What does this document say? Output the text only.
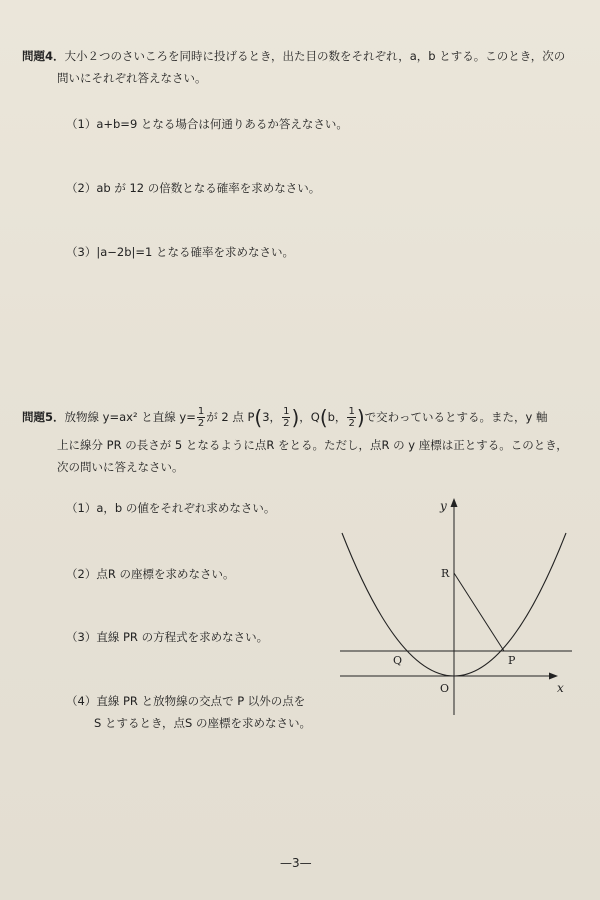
問題4．大小２つのさいころを同時に投げるとき，出た目の数をそれぞれ，a，b とする。このとき，次の
問いにそれぞれ答えなさい。
（1）a+b=9 となる場合は何通りあるか答えなさい。
（2）ab が 12 の倍数となる確率を求めなさい。
（3）|a−2b|=1 となる確率を求めなさい。
問題5．放物線 y=ax² と直線 $y= \frac{1}{2}$ が 2 点 P(3， $\frac{1}{2}$ )，Q(b， $\frac{1}{2}$ )で交わっているとする。また，y 軸
上に線分 PR の長さが 5 となるように点R をとる。ただし，点R の y 座標は正とする。このとき，
次の問いに答えなさい。
（1）a，b の値をそれぞれ求めなさい。
（2）点R の座標を求めなさい。
（3）直線 PR の方程式を求めなさい。
（4）直線 PR と放物線の交点で P 以外の点を
S とするとき，点S の座標を求めなさい。
y
x
O
R
Q	P
—3—
